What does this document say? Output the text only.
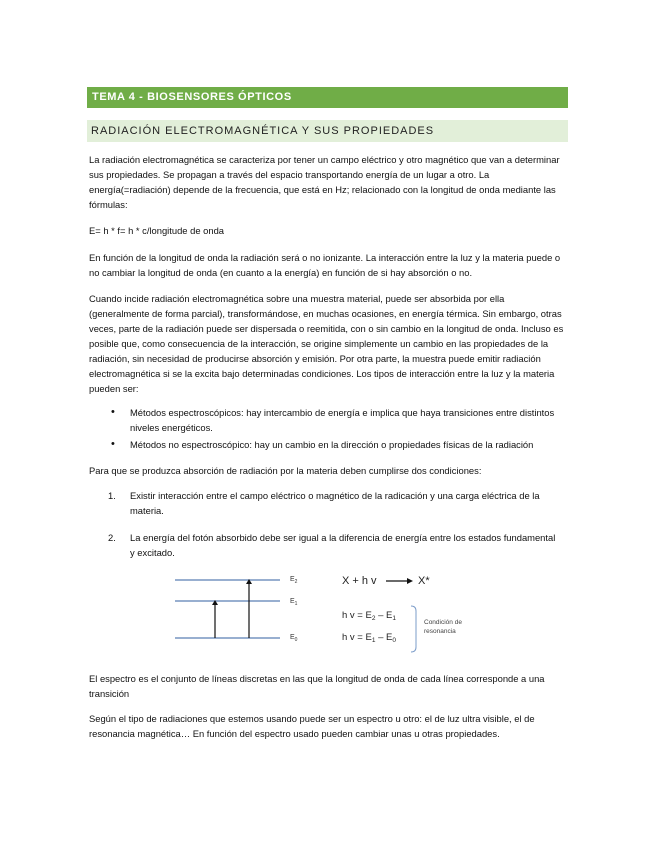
TEMA 4 - BIOSENSORES ÓPTICOS
RADIACIÓN ELECTROMAGNÉTICA Y SUS PROPIEDADES

La radiación electromagnética se caracteriza por tener un campo eléctrico y otro magnético que van a determinar sus propiedades. Se propagan a través del espacio transportando energía de un lugar a otro. La energía(=radiación) depende de la frecuencia, que está en Hz; relacionado con la longitud de onda mediante las fórmulas:

E= h * f= h * c/longitude de onda

En función de la longitud de onda la radiación será o no ionizante. La interacción entre la luz y la materia puede o no cambiar la longitud de onda (en cuanto a la energía) en función de si hay absorción o no.

Cuando incide radiación electromagnética sobre una muestra material, puede ser absorbida por ella (generalmente de forma parcial), transformándose, en muchas ocasiones, en energía térmica. Sin embargo, otras veces, parte de la radiación puede ser dispersada o reemitida, con o sin cambio en la longitud de onda. Incluso es posible que, como consecuencia de la interacción, se origine simplemente un cambio en las propiedades de la radiación, sin necesidad de producirse absorción y emisión. Por otra parte, la muestra puede emitir radiación electromagnética si se la excita bajo determinadas condiciones. Los tipos de interacción entre la luz y la materia pueden ser:

• Métodos espectroscópicos: hay intercambio de energía e implica que haya transiciones entre distintos niveles energéticos.
• Métodos no espectroscópico: hay un cambio en la dirección o propiedades físicas de la radiación

Para que se produzca absorción de radiación por la materia deben cumplirse dos condiciones:

1. Existir interacción entre el campo eléctrico o magnético de la radicación y una carga eléctrica de la materia.
2. La energía del fotón absorbido debe ser igual a la diferencia de energía entre los estados fundamental y excitado.
$E_2$
$E_1$
$E_0$
X + h v	X*
h $v = E_2 - E_1$
h $v = E_1 - E_0$
Condición de
resonancia

El espectro es el conjunto de líneas discretas en las que la longitud de onda de cada línea corresponde a una transición

Según el tipo de radiaciones que estemos usando puede ser un espectro u otro: el de luz ultra visible, el de resonancia magnética… En función del espectro usado pueden cambiar unas u otras propiedades.
